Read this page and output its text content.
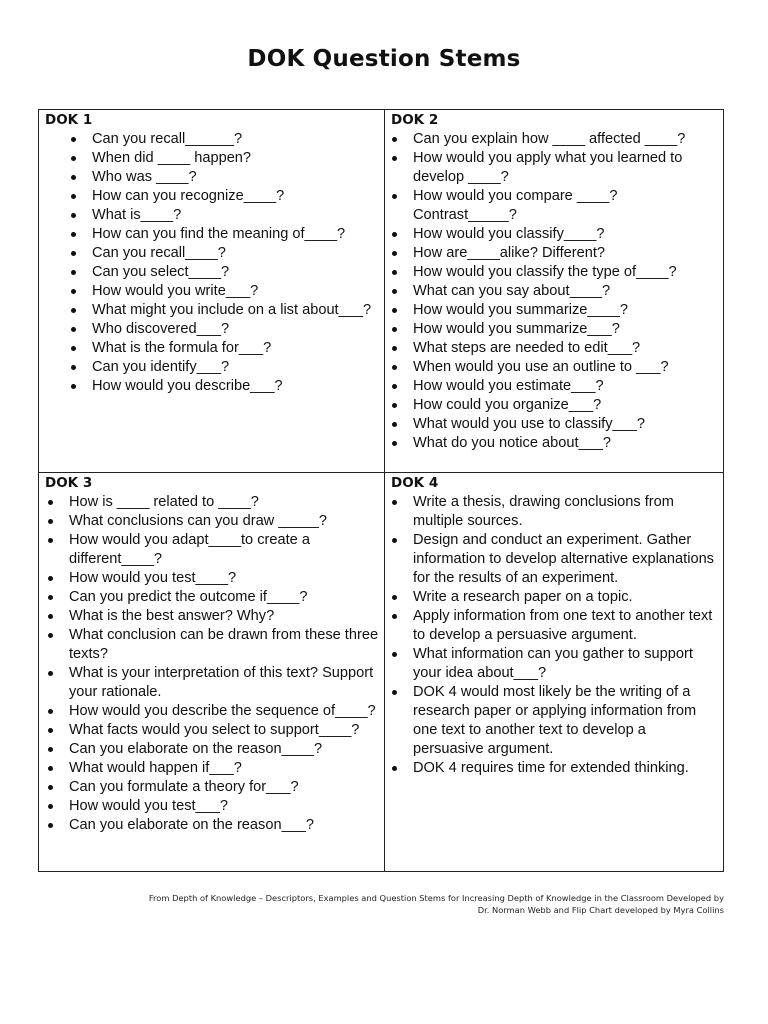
DOK Question Stems
DOK 1
Can you recall______?
When did ____ happen?
Who was ____?
How can you recognize____?
What is____?
How can you find the meaning of____?
Can you recall____?
Can you select____?
How would you write___?
What might you include on a list about___?
Who discovered___?
What is the formula for___?
Can you identify___?
How would you describe___?
DOK 2
Can you explain how ____ affected ____?
How would you apply what you learned to develop ____?
How would you compare ____? Contrast_____?
How would you classify____?
How are____alike? Different?
How would you classify the type of____?
What can you say about____?
How would you summarize____?
How would you summarize___?
What steps are needed to edit___?
When would you use an outline to ___?
How would you estimate___?
How could you organize___?
What would you use to classify___?
What do you notice about___?
DOK 3
How is ____ related to ____?
What conclusions can you draw _____?
How would you adapt____to create a different____?
How would you test____?
Can you predict the outcome if____?
What is the best answer? Why?
What conclusion can be drawn from these three texts?
What is your interpretation of this text? Support your rationale.
How would you describe the sequence of____?
What facts would you select to support____?
Can you elaborate on the reason____?
What would happen if___?
Can you formulate a theory for___?
How would you test___?
Can you elaborate on the reason___?
DOK 4
Write a thesis, drawing conclusions from multiple sources.
Design and conduct an experiment. Gather information to develop alternative explanations for the results of an experiment.
Write a research paper on a topic.
Apply information from one text to another text to develop a persuasive argument.
What information can you gather to support your idea about___?
DOK 4 would most likely be the writing of a research paper or applying information from one text to another text to develop a persuasive argument.
DOK 4 requires time for extended thinking.
From Depth of Knowledge – Descriptors, Examples and Question Stems for Increasing Depth of Knowledge in the Classroom Developed by
Dr. Norman Webb and Flip Chart developed by Myra Collins
